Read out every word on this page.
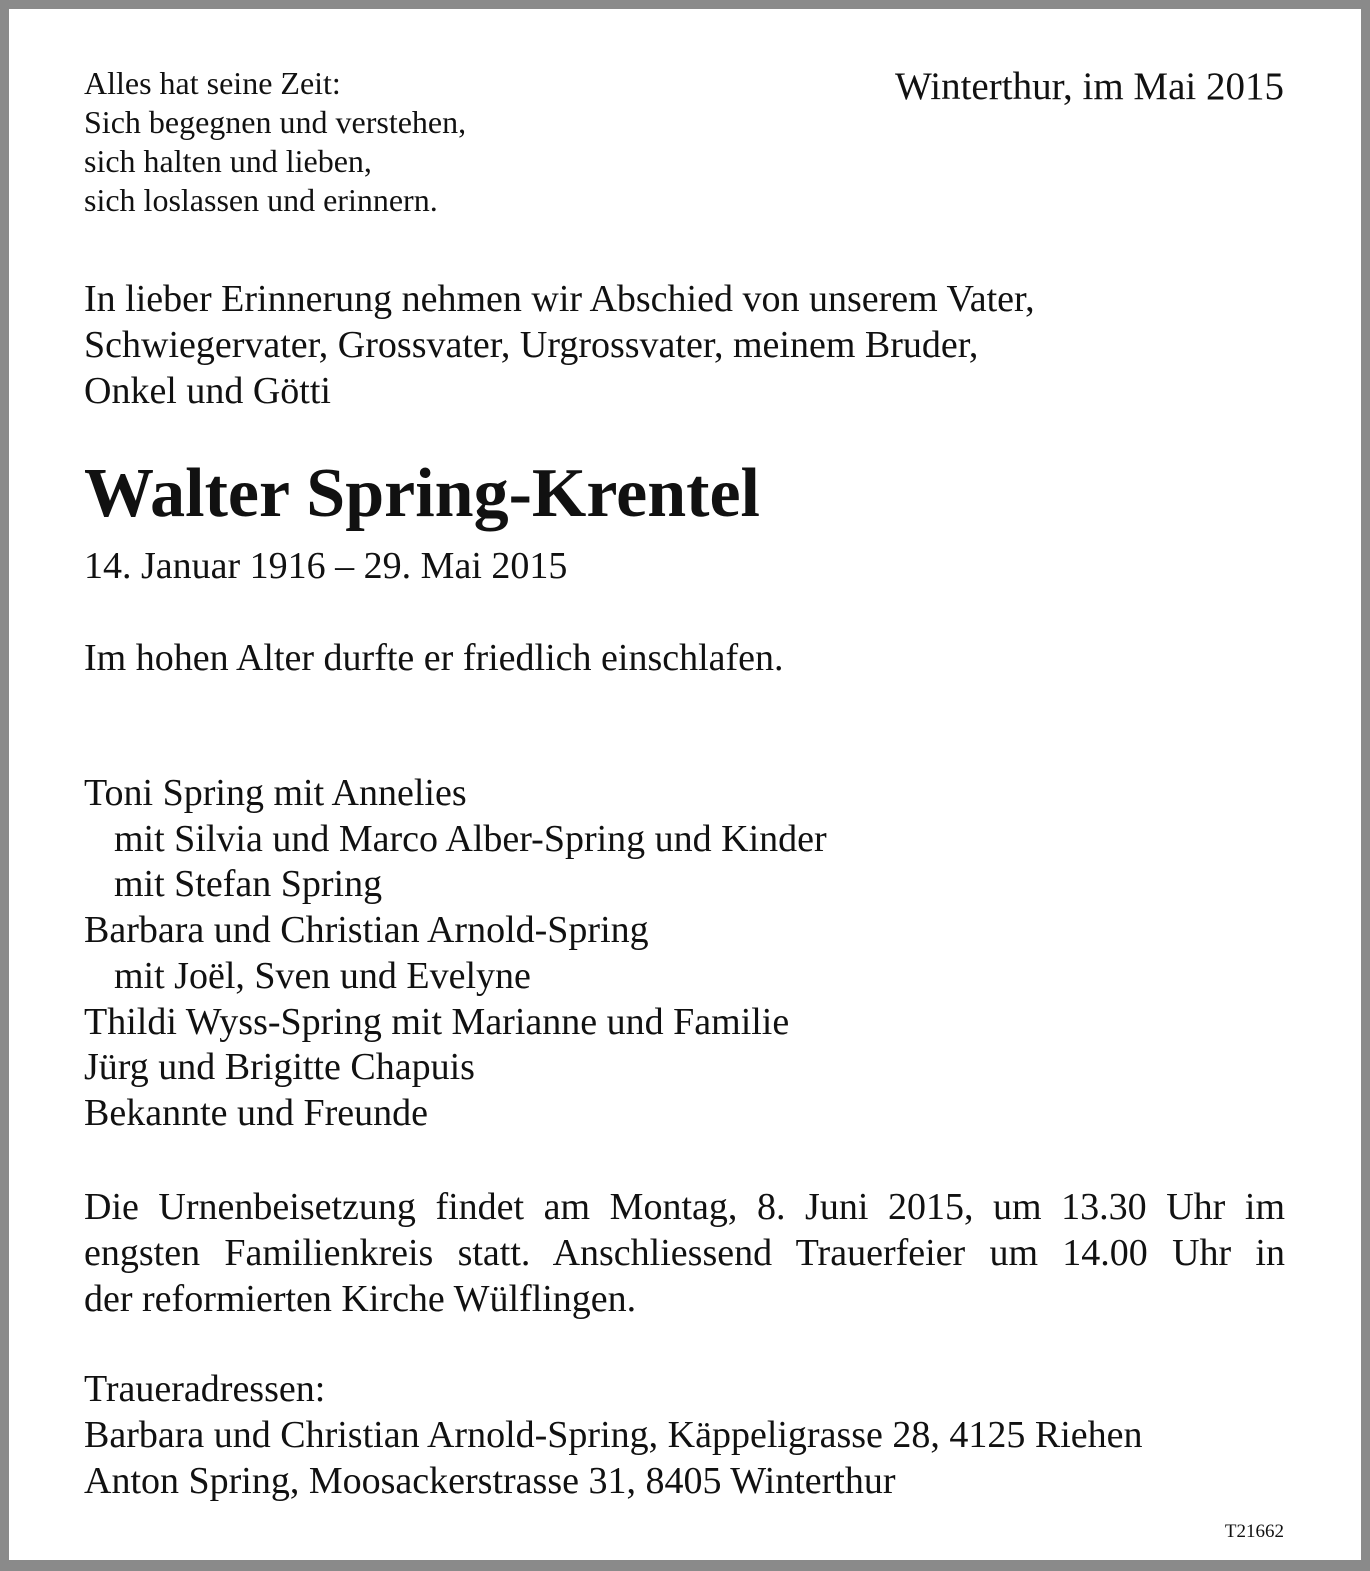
Alles hat seine Zeit:
Sich begegnen und verstehen,
sich halten und lieben,
sich loslassen und erinnern.
Winterthur, im Mai 2015
In lieber Erinnerung nehmen wir Abschied von unserem Vater,
Schwiegervater, Grossvater, Urgrossvater, meinem Bruder,
Onkel und Götti
Walter Spring-Krentel
14. Januar 1916 – 29. Mai 2015
Im hohen Alter durfte er friedlich einschlafen.
Toni Spring mit Annelies
mit Silvia und Marco Alber-Spring und Kinder
mit Stefan Spring
Barbara und Christian Arnold-Spring
mit Joël, Sven und Evelyne
Thildi Wyss-Spring mit Marianne und Familie
Jürg und Brigitte Chapuis
Bekannte und Freunde
Die Urnenbeisetzung findet am Montag, 8. Juni 2015, um 13.30 Uhr im
engsten Familienkreis statt. Anschliessend Trauerfeier um 14.00 Uhr in
der reformierten Kirche Wülflingen.
Traueradressen:
Barbara und Christian Arnold-Spring, Käppeligrasse 28, 4125 Riehen
Anton Spring, Moosackerstrasse 31, 8405 Winterthur
T21662
